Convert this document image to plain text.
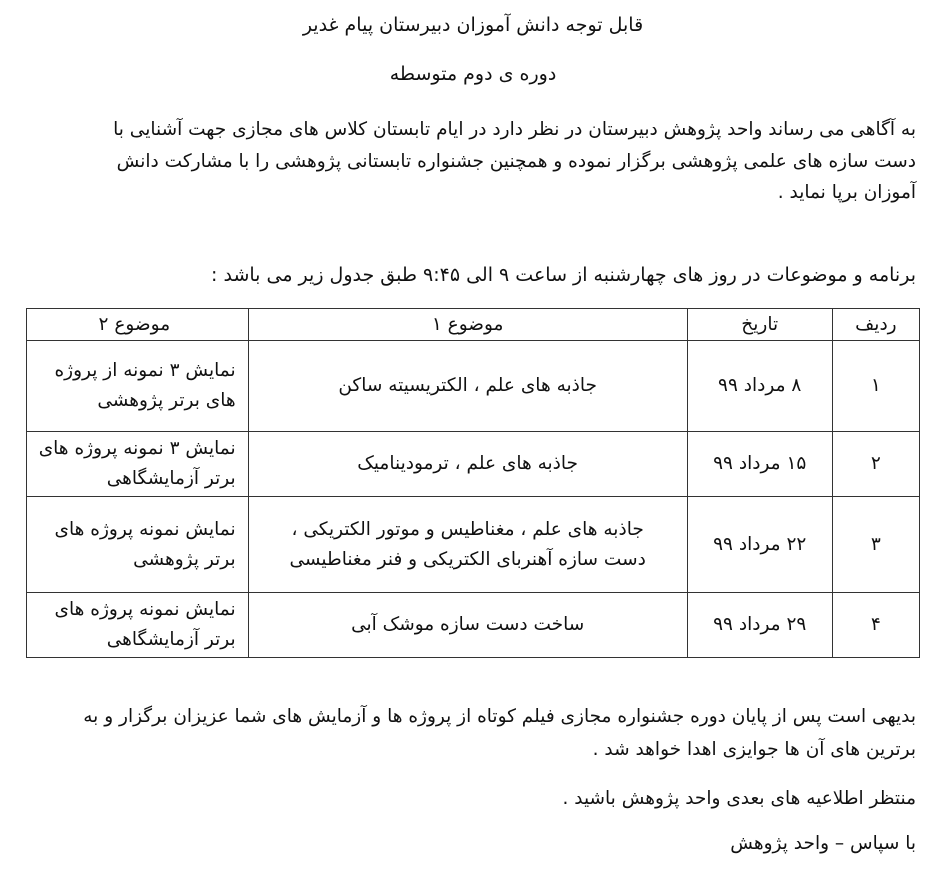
قابل توجه دانش آموزان دبیرستان پیام غدیر
دوره ی دوم متوسطه
به آگاهی می رساند واحد پژوهش دبیرستان در نظر دارد در ایام تابستان کلاس های مجازی جهت آشنایی با دست سازه های علمی پژوهشی برگزار نموده و همچنین جشنواره تابستانی پژوهشی را با مشارکت دانش آموزان برپا نماید .
برنامه و موضوعات در روز های چهارشنبه از ساعت ۹ الی ۹:۴۵ طبق جدول زیر می باشد :
ردیف	تاریخ	موضوع ۱	موضوع ۲
۱	۸ مرداد ۹۹	جاذبه های علم ، الکتریسیته ساکن	نمایش ۳ نمونه از پروژه های برتر پژوهشی
۲	۱۵ مرداد ۹۹	جاذبه های علم ، ترمودینامیک	نمایش ۳ نمونه پروژه های برتر آزمایشگاهی
۳	۲۲ مرداد ۹۹	جاذبه های علم ، مغناطیس و موتور الکتریکی ، دست سازه آهنربای الکتریکی و فنر مغناطیسی	نمایش نمونه پروژه های برتر پژوهشی
۴	۲۹ مرداد ۹۹	ساخت دست سازه موشک آبی	نمایش نمونه پروژه های برتر آزمایشگاهی
بدیهی است پس از پایان دوره جشنواره مجازی فیلم کوتاه از پروژه ها و آزمایش های شما عزیزان برگزار و به برترین های آن ها جوایزی اهدا خواهد شد .
منتظر اطلاعیه های بعدی واحد پژوهش باشید .
با سپاس – واحد پژوهش
